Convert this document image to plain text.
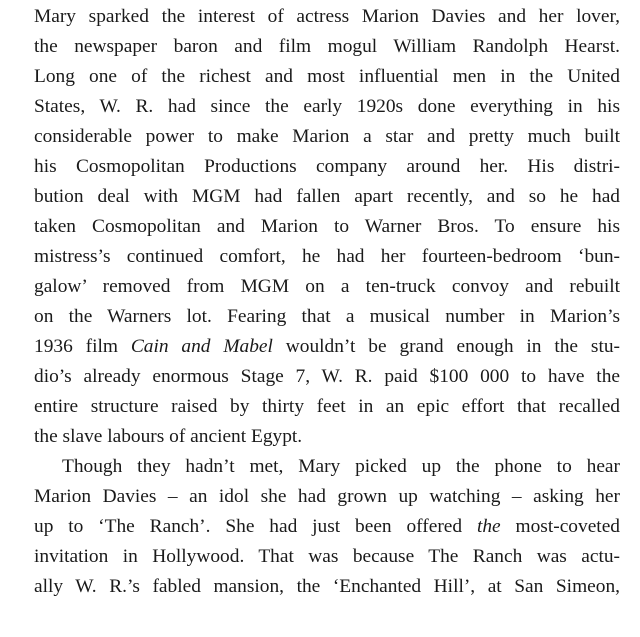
Mary sparked the interest of actress Marion Davies and her lover,
the newspaper baron and film mogul William Randolph Hearst.
Long one of the richest and most influential men in the United
States, W. R. had since the early 1920s done everything in his
considerable power to make Marion a star and pretty much built
his Cosmopolitan Productions company around her. His distri-
bution deal with MGM had fallen apart recently, and so he had
taken Cosmopolitan and Marion to Warner Bros. To ensure his
mistress’s continued comfort, he had her fourteen-bedroom ‘bun-
galow’ removed from MGM on a ten-truck convoy and rebuilt
on the Warners lot. Fearing that a musical number in Marion’s
1936 film Cain and Mabel wouldn’t be grand enough in the stu-
dio’s already enormous Stage 7, W. R. paid $100 000 to have the
entire structure raised by thirty feet in an epic effort that recalled
the slave labours of ancient Egypt.
Though they hadn’t met, Mary picked up the phone to hear
Marion Davies – an idol she had grown up watching – asking her
up to ‘The Ranch’. She had just been offered the most-coveted
invitation in Hollywood. That was because The Ranch was actu-
ally W. R.’s fabled mansion, the ‘Enchanted Hill’, at San Simeon,
